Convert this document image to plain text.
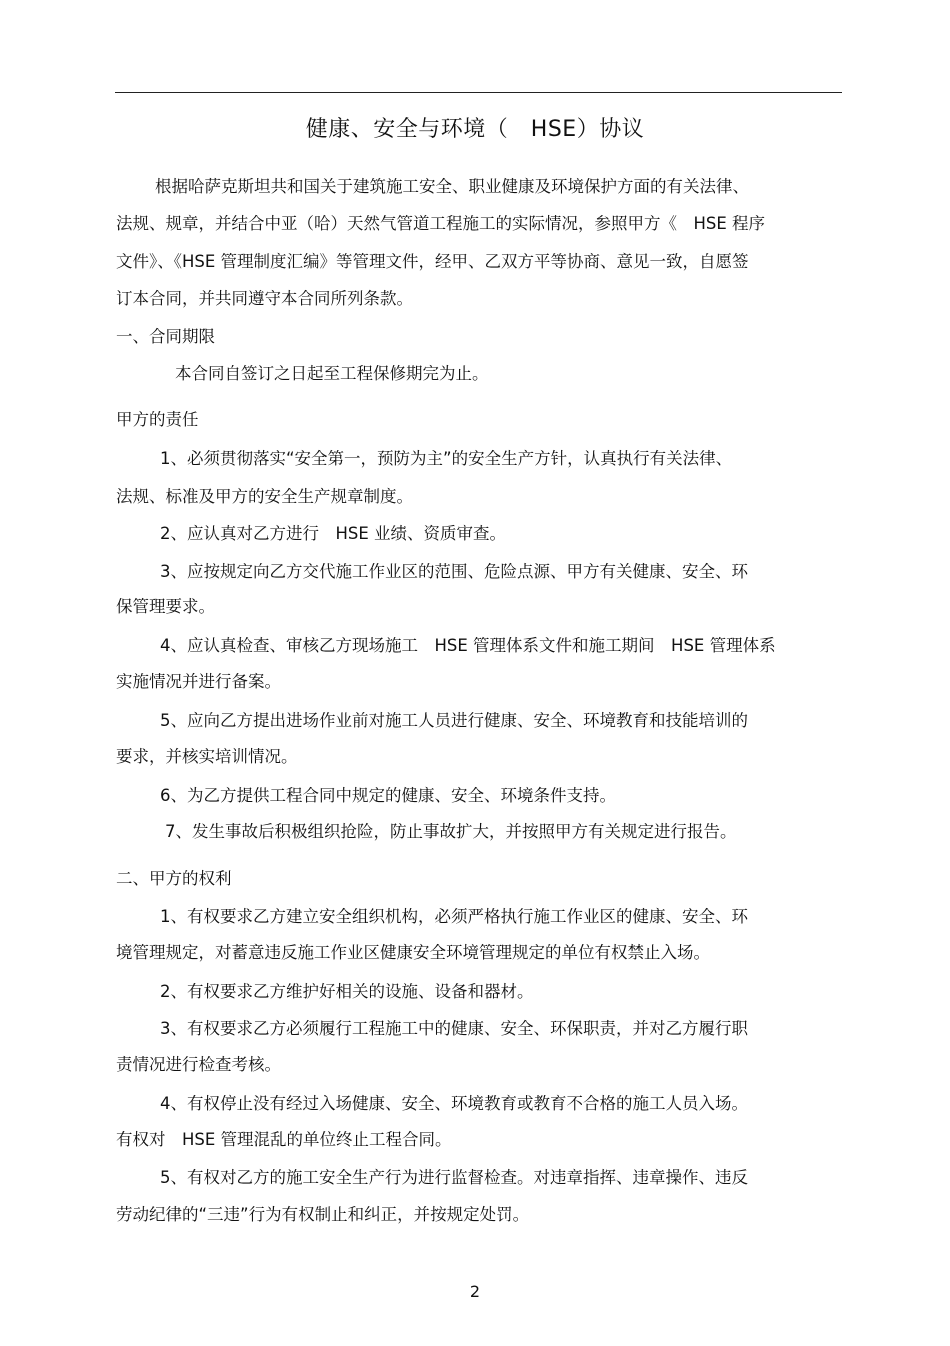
健康、安全与环境（　HSE）协议
根据哈萨克斯坦共和国关于建筑施工安全、职业健康及环境保护方面的有关法律、
法规、规章，并结合中亚（哈）天然气管道工程施工的实际情况，参照甲方《　HSE 程序
文件》、《HSE 管理制度汇编》等管理文件，经甲、乙双方平等协商、意见一致，自愿签
订本合同，并共同遵守本合同所列条款。
一、合同期限
本合同自签订之日起至工程保修期完为止。
甲方的责任
1、必须贯彻落实“安全第一，预防为主”的安全生产方针，认真执行有关法律、
法规、标准及甲方的安全生产规章制度。
2、应认真对乙方进行　HSE 业绩、资质审查。
3、应按规定向乙方交代施工作业区的范围、危险点源、甲方有关健康、安全、环
保管理要求。
4、应认真检查、审核乙方现场施工　HSE 管理体系文件和施工期间　HSE 管理体系
实施情况并进行备案。
5、应向乙方提出进场作业前对施工人员进行健康、安全、环境教育和技能培训的
要求，并核实培训情况。
6、为乙方提供工程合同中规定的健康、安全、环境条件支持。
7、发生事故后积极组织抢险，防止事故扩大，并按照甲方有关规定进行报告。
二、甲方的权利
1、有权要求乙方建立安全组织机构，必须严格执行施工作业区的健康、安全、环
境管理规定，对蓄意违反施工作业区健康安全环境管理规定的单位有权禁止入场。
2、有权要求乙方维护好相关的设施、设备和器材。
3、有权要求乙方必须履行工程施工中的健康、安全、环保职责，并对乙方履行职
责情况进行检查考核。
4、有权停止没有经过入场健康、安全、环境教育或教育不合格的施工人员入场。
有权对　HSE 管理混乱的单位终止工程合同。
5、有权对乙方的施工安全生产行为进行监督检查。对违章指挥、违章操作、违反
劳动纪律的“三违”行为有权制止和纠正，并按规定处罚。
2
